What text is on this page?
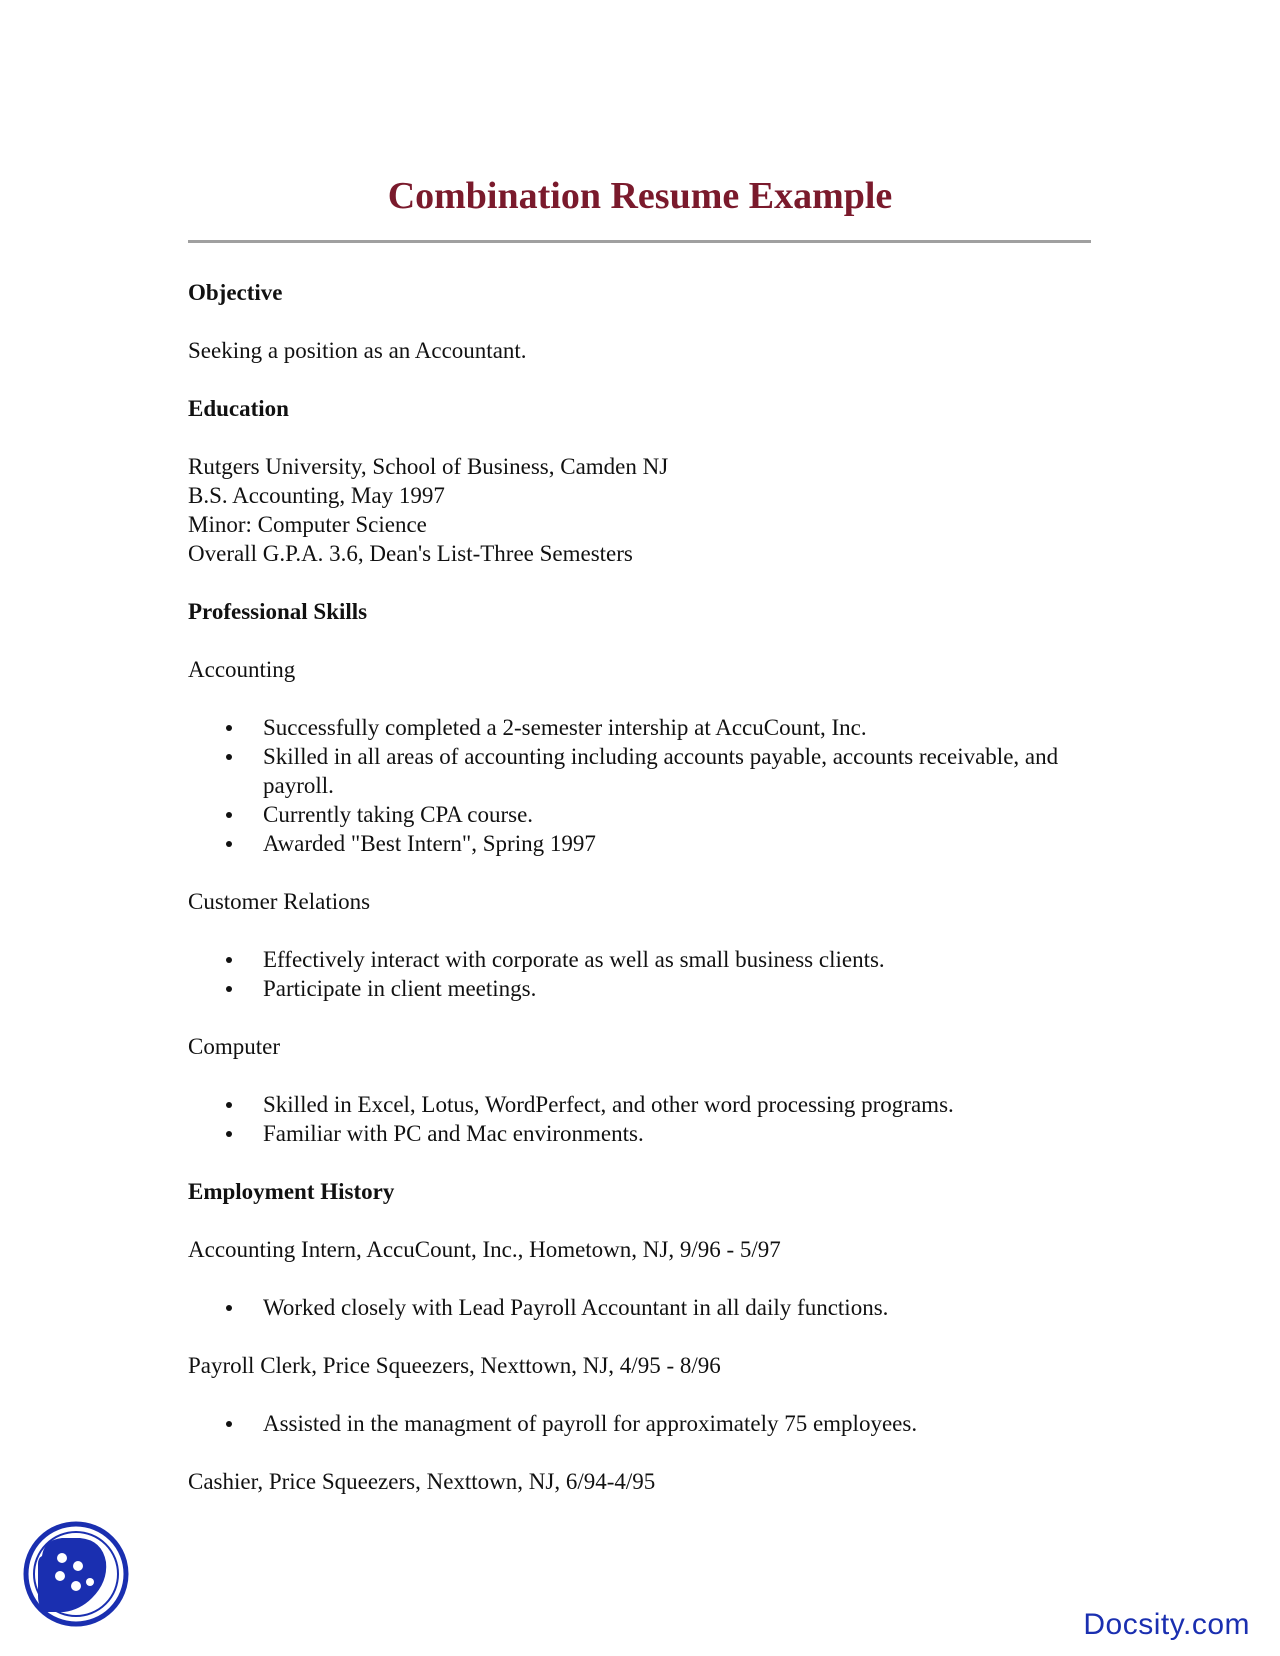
Combination Resume Example
Objective
Seeking a position as an Accountant.
Education
Rutgers University, School of Business, Camden NJ
B.S. Accounting, May 1997
Minor: Computer Science
Overall G.P.A. 3.6, Dean's List-Three Semesters
Professional Skills
Accounting
Successfully completed a 2-semester intership at AccuCount, Inc.
Skilled in all areas of accounting including accounts payable, accounts receivable, and payroll.
Currently taking CPA course.
Awarded "Best Intern", Spring 1997
Customer Relations
Effectively interact with corporate as well as small business clients.
Participate in client meetings.
Computer
Skilled in Excel, Lotus, WordPerfect, and other word processing programs.
Familiar with PC and Mac environments.
Employment History
Accounting Intern, AccuCount, Inc., Hometown, NJ, 9/96 - 5/97
Worked closely with Lead Payroll Accountant in all daily functions.
Payroll Clerk, Price Squeezers, Nexttown, NJ, 4/95 - 8/96
Assisted in the managment of payroll for approximately 75 employees.
Cashier, Price Squeezers, Nexttown, NJ, 6/94-4/95
Docsity.com
